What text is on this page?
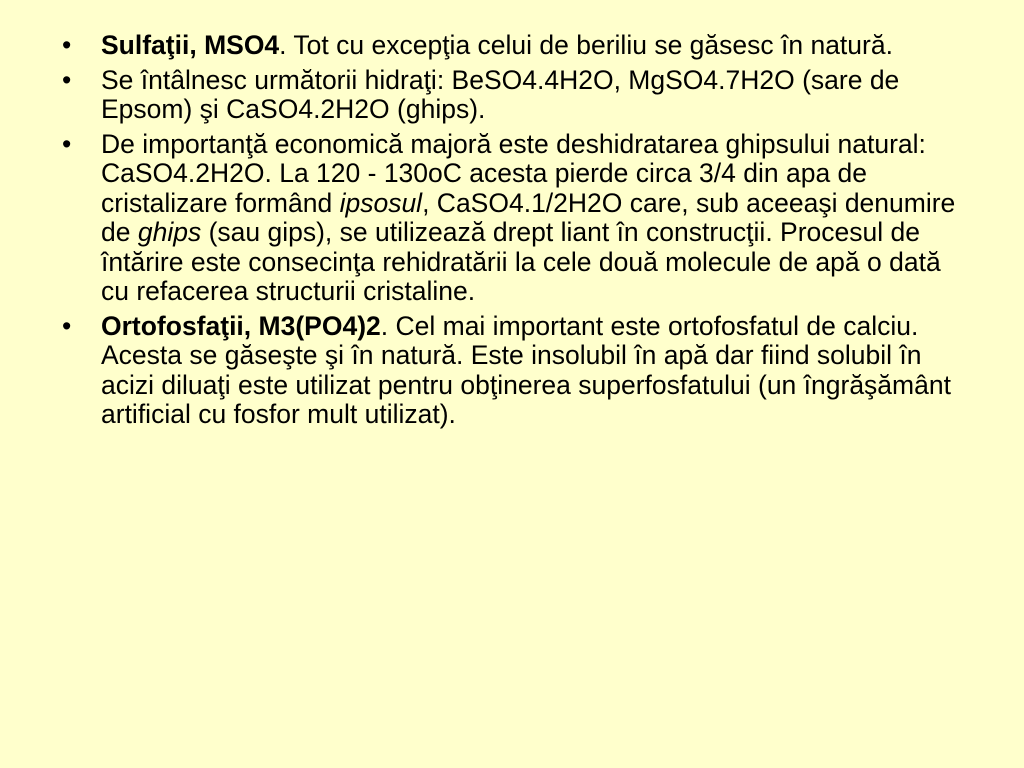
•	Sulfaţii, MSO4. Tot cu excepţia celui de beriliu se găsesc în natură.
•	Se întâlnesc următorii hidraţi: BeSO4.4H2O, MgSO4.7H2O (sare de Epsom) şi CaSO4.2H2O (ghips).
•	De importanţă economică majoră este deshidratarea ghipsului natural: CaSO4.2H2O. La 120 - 130oC acesta pierde circa 3/4 din apa de cristalizare formând ipsosul, CaSO4.1/2H2O care, sub aceeaşi denumire de ghips (sau gips), se utilizează drept liant în construcţii. Procesul de întărire este consecinţa rehidratării la cele două molecule de apă o dată cu refacerea structurii cristaline.
•	Ortofosfaţii, M3(PO4)2. Cel mai important este ortofosfatul de calciu. Acesta se găseşte şi în natură. Este insolubil în apă dar fiind solubil în acizi diluaţi este utilizat pentru obţinerea superfosfatului (un îngrăşământ artificial cu fosfor mult utilizat).
